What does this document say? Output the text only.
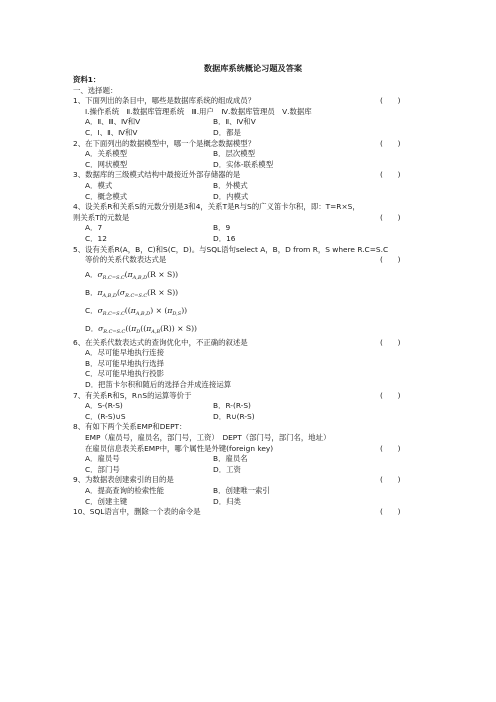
数据库系统概论习题及答案
资料1：
一、选择题：
1、下面列出的条目中，哪些是数据库系统的组成成员？	(　　)
Ⅰ.操作系统　Ⅱ.数据库管理系统　Ⅲ.用户　Ⅳ.数据库管理员　Ⅴ.数据库
A．Ⅱ、Ⅲ、Ⅳ和Ⅴ	B．Ⅱ、Ⅳ和Ⅴ
C．Ⅰ、Ⅱ、Ⅳ和Ⅴ	D．都是
2、在下面列出的数据模型中，哪一个是概念数据模型？	(　　)
A．关系模型	B．层次模型
C．网状模型	D．实体-联系模型
3、数据库的三级模式结构中最接近外部存储器的是	(　　)
A．模式	B．外模式
C．概念模式	D．内模式
4、设关系R和关系S的元数分别是3和4，关系T是R与S的广义笛卡尔积，即：T=R×S，
则关系T的元数是	(　　)
A．7	B．9
C．12	D．16
5、设有关系R(A，B，C)和S(C，D)。与SQL语句select A，B，D from R，S where R.C=S.C
等价的关系代数表达式是	(　　)
A．$\sigma_{R.C=S.C}(\pi_{A,B,D}(R \times S))$
B．$\pi_{A,B,D}(\sigma_{R.C=S.C}(R \times S))$
C．$\sigma_{R.C=S.C}((\pi_{A,B,D}) \times (\pi_{D,S}))$
D．$\sigma_{R.C=S.C}((\pi_D((\pi_{A,B}(R)) \times S))$
6、在关系代数表达式的查询优化中，不正确的叙述是	(　　)
A．尽可能早地执行连接
B．尽可能早地执行选择
C．尽可能早地执行投影
D．把笛卡尔积和随后的选择合并成连接运算
7、有关系R和S，R∩S的运算等价于	(　　)
A．S-(R-S)	B．R-(R-S)
C．(R-S)∪S	D．R∪(R-S)
8、有如下两个关系EMP和DEPT：
EMP（雇员号，雇员名，部门号，工资）　DEPT（部门号，部门名，地址）
在雇员信息表关系EMP中，哪个属性是外键(foreign key)	(　　)
A．雇员号	B．雇员名
C．部门号	D．工资
9、为数据表创建索引的目的是	(　　)
A．提高查询的检索性能	B．创建唯一索引
C．创建主键	D．归类
10、SQL语言中，删除一个表的命令是	(　　)
